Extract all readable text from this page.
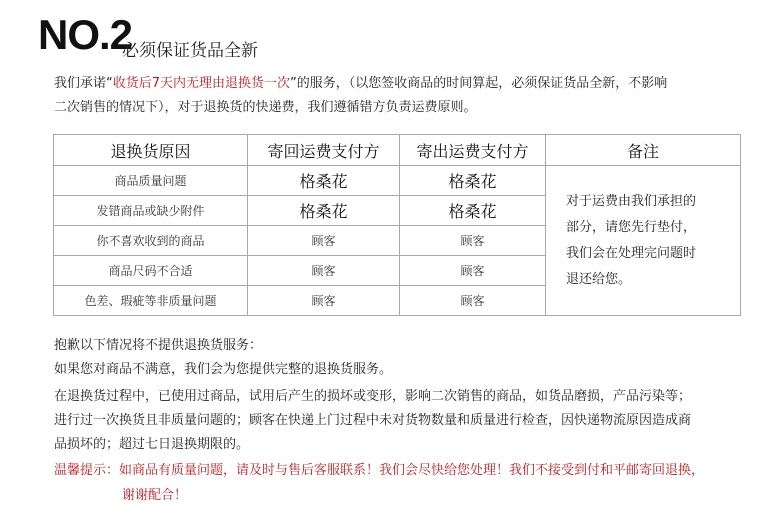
NO.2
必须保证货品全新
我们承诺“收货后7天内无理由退换货一次”的服务，（以您签收商品的时间算起，必须保证货品全新，不影响
二次销售的情况下），对于退换货的快递费，我们遵循错方负责运费原则。
退换货原因	寄回运费支付方	寄出运费支付方	备注
商品质量问题	格桑花	格桑花	对于运费由我们承担的
部分，请您先行垫付，
我们会在处理完问题时
退还给您。
发错商品或缺少附件	格桑花	格桑花	
你不喜欢收到的商品	顾客	顾客	
商品尺码不合适	顾客	顾客	
色差、瑕疵等非质量问题	顾客	顾客	
抱歉以下情况将不提供退换货服务：
如果您对商品不满意，我们会为您提供完整的退换货服务。
在退换货过程中，已使用过商品，试用后产生的损坏或变形，影响二次销售的商品，如货品磨损，产品污染等；
进行过一次换货且非质量问题的；顾客在快递上门过程中未对货物数量和质量进行检查，因快递物流原因造成商
品损坏的；超过七日退换期限的。
温馨提示：如商品有质量问题，请及时与售后客服联系！我们会尽快给您处理！我们不接受到付和平邮寄回退换，
谢谢配合！
